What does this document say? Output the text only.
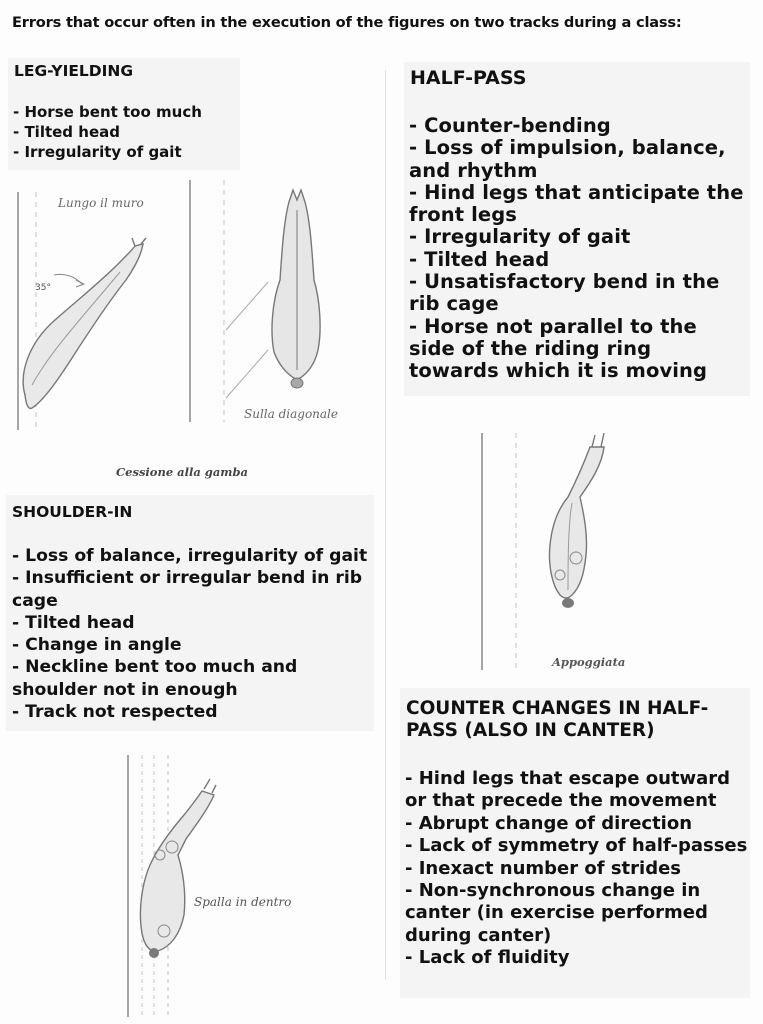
Errors that occur often in the execution of the figures on two tracks during a class:
LEG-YIELDING
- Horse bent too much
- Tilted head
- Irregularity of gait
Lungo il muro
35°
Sulla diagonale
Cessione alla gamba
HALF-PASS
- Counter-bending
- Loss of impulsion, balance, and rhythm
- Hind legs that anticipate the front legs
- Irregularity of gait
- Tilted head
- Unsatisfactory bend in the rib cage
- Horse not parallel to the side of the riding ring towards which it is moving
Appoggiata
SHOULDER-IN
- Loss of balance, irregularity of gait
- Insufficient or irregular bend in rib cage
- Tilted head
- Change in angle
- Neckline bent too much and shoulder not in enough
- Track not respected
Spalla in dentro
COUNTER CHANGES IN HALF-PASS (ALSO IN CANTER)
- Hind legs that escape outward or that precede the movement
- Abrupt change of direction
- Lack of symmetry of half-passes
- Inexact number of strides
- Non-synchronous change in canter (in exercise performed during canter)
- Lack of fluidity
